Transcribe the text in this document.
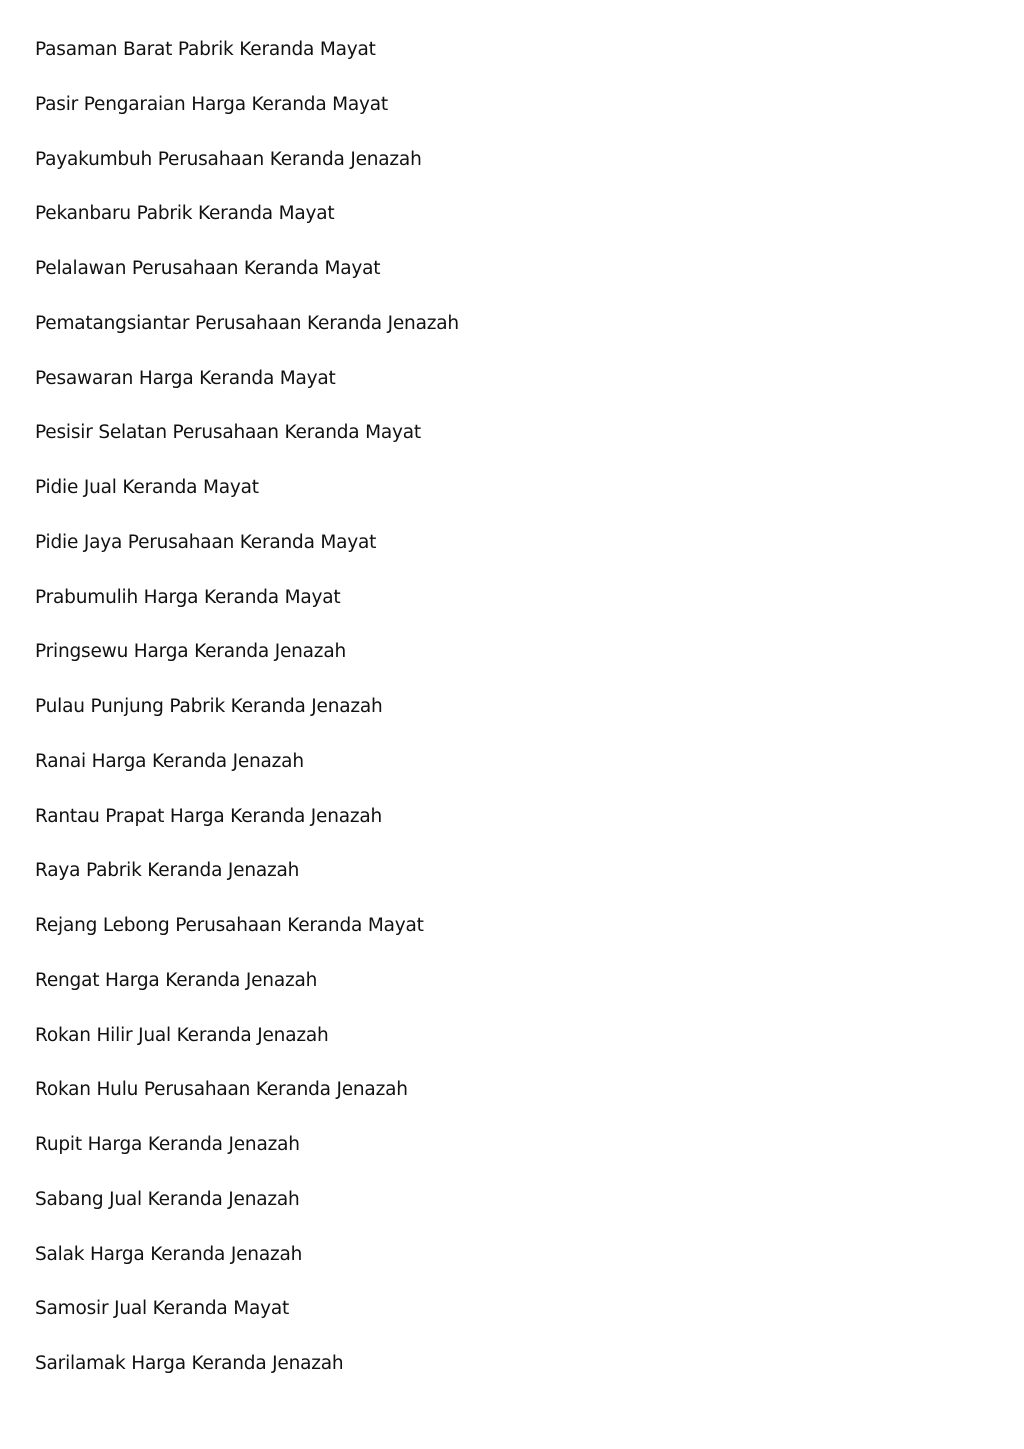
Pasaman Barat Pabrik Keranda Mayat
Pasir Pengaraian Harga Keranda Mayat
Payakumbuh Perusahaan Keranda Jenazah
Pekanbaru Pabrik Keranda Mayat
Pelalawan Perusahaan Keranda Mayat
Pematangsiantar Perusahaan Keranda Jenazah
Pesawaran Harga Keranda Mayat
Pesisir Selatan Perusahaan Keranda Mayat
Pidie Jual Keranda Mayat
Pidie Jaya Perusahaan Keranda Mayat
Prabumulih Harga Keranda Mayat
Pringsewu Harga Keranda Jenazah
Pulau Punjung Pabrik Keranda Jenazah
Ranai Harga Keranda Jenazah
Rantau Prapat Harga Keranda Jenazah
Raya Pabrik Keranda Jenazah
Rejang Lebong Perusahaan Keranda Mayat
Rengat Harga Keranda Jenazah
Rokan Hilir Jual Keranda Jenazah
Rokan Hulu Perusahaan Keranda Jenazah
Rupit Harga Keranda Jenazah
Sabang Jual Keranda Jenazah
Salak Harga Keranda Jenazah
Samosir Jual Keranda Mayat
Sarilamak Harga Keranda Jenazah
